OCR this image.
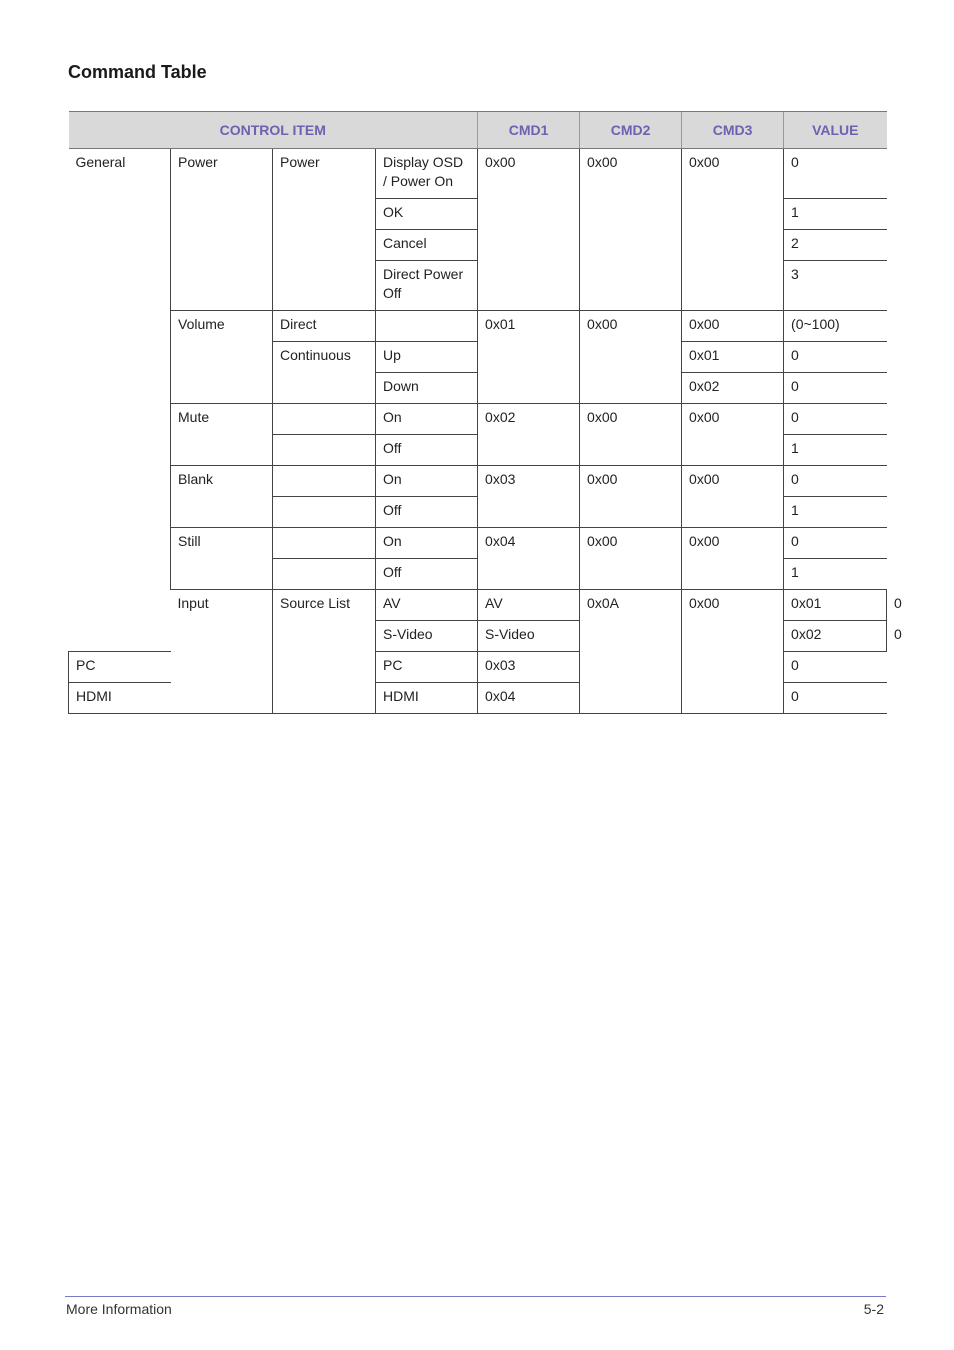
Command Table
CONTROL ITEM				CMD1	CMD2	CMD3	VALUE	
General	Power	Power	Display OSD / Power On	0x00	0x00	0x00	0	
			OK				1	
			Cancel				2	
			Direct Power Off				3	
	Volume	Direct		0x01	0x00	0x00	(0~100)	
		Continuous	Up			0x01	0	
			Down			0x02	0	
	Mute		On	0x02	0x00	0x00	0	
			Off				1	
	Blank		On	0x03	0x00	0x00	0	
			Off				1	
	Still		On	0x04	0x00	0x00	0	
			Off				1	
	Input	Source List	AV	AV	0x0A	0x00	0x01	0
			S-Video	S-Video			0x02	0
PC			PC	0x03			0	
HDMI			HDMI	0x04			0	
More Information	5-2
